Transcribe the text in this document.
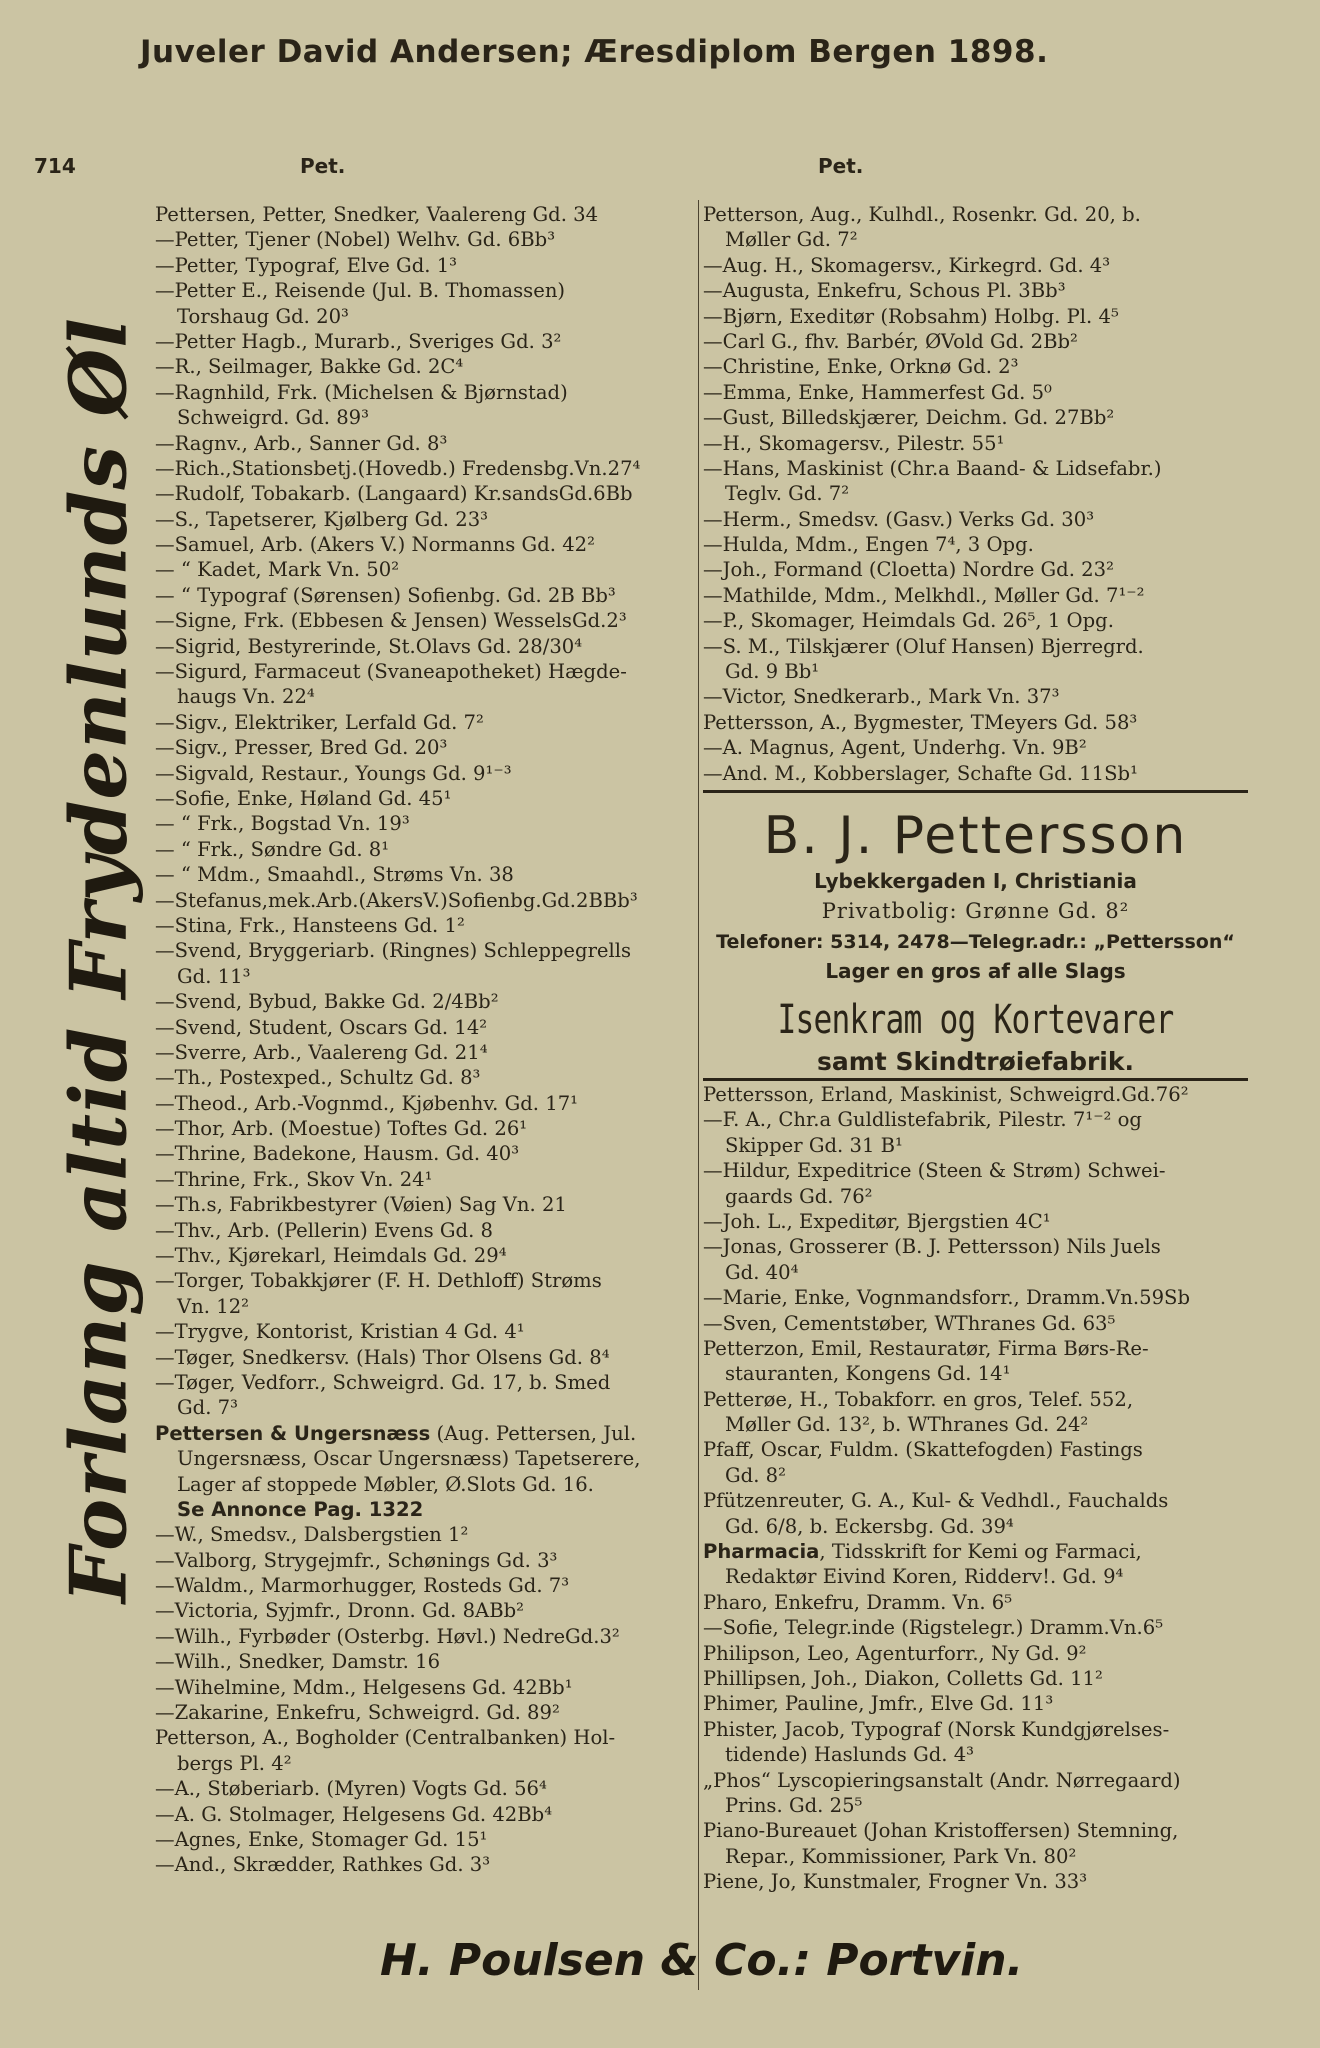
Juveler David Andersen; Æresdiplom Bergen 1898.
714	Pet.	Pet.
Forlang altid Frydenlunds Øl
Pettersen, Petter, Snedker, Vaalereng Gd. 34
—Petter, Tjener (Nobel) Welhv. Gd. 6Bb³
—Petter, Typograf, Elve Gd. 1³
—Petter E., Reisende (Jul. B. Thomassen)
Torshaug Gd. 20³
—Petter Hagb., Murarb., Sveriges Gd. 3²
—R., Seilmager, Bakke Gd. 2C⁴
—Ragnhild, Frk. (Michelsen & Bjørnstad)
Schweigrd. Gd. 89³
—Ragnv., Arb., Sanner Gd. 8³
—Rich.,Stationsbetj.(Hovedb.) Fredensbg.Vn.27⁴
—Rudolf, Tobakarb. (Langaard) Kr.sandsGd.6Bb
—S., Tapetserer, Kjølberg Gd. 23³
—Samuel, Arb. (Akers V.) Normanns Gd. 42²
— “ Kadet, Mark Vn. 50²
— “ Typograf (Sørensen) Sofienbg. Gd. 2B Bb³
—Signe, Frk. (Ebbesen & Jensen) WesselsGd.2³
—Sigrid, Bestyrerinde, St.Olavs Gd. 28/30⁴
—Sigurd, Farmaceut (Svaneapotheket) Hægde-
haugs Vn. 22⁴
—Sigv., Elektriker, Lerfald Gd. 7²
—Sigv., Presser, Bred Gd. 20³
—Sigvald, Restaur., Youngs Gd. 9¹⁻³
—Sofie, Enke, Høland Gd. 45¹
— “ Frk., Bogstad Vn. 19³
— “ Frk., Søndre Gd. 8¹
— “ Mdm., Smaahdl., Strøms Vn. 38
—Stefanus,mek.Arb.(AkersV.)Sofienbg.Gd.2BBb³
—Stina, Frk., Hansteens Gd. 1²
—Svend, Bryggeriarb. (Ringnes) Schleppegrells
Gd. 11³
—Svend, Bybud, Bakke Gd. 2/4Bb²
—Svend, Student, Oscars Gd. 14²
—Sverre, Arb., Vaalereng Gd. 21⁴
—Th., Postexped., Schultz Gd. 8³
—Theod., Arb.-Vognmd., Kjøbenhv. Gd. 17¹
—Thor, Arb. (Moestue) Toftes Gd. 26¹
—Thrine, Badekone, Hausm. Gd. 40³
—Thrine, Frk., Skov Vn. 24¹
—Th.s, Fabrikbestyrer (Vøien) Sag Vn. 21
—Thv., Arb. (Pellerin) Evens Gd. 8
—Thv., Kjørekarl, Heimdals Gd. 29⁴
—Torger, Tobakkjører (F. H. Dethloff) Strøms
Vn. 12²
—Trygve, Kontorist, Kristian 4 Gd. 4¹
—Tøger, Snedkersv. (Hals) Thor Olsens Gd. 8⁴
—Tøger, Vedforr., Schweigrd. Gd. 17, b. Smed
Gd. 7³
Pettersen & Ungersnæss (Aug. Pettersen, Jul.
Ungersnæss, Oscar Ungersnæss) Tapetserere,
Lager af stoppede Møbler, Ø.Slots Gd. 16.
Se Annonce Pag. 1322
—W., Smedsv., Dalsbergstien 1²
—Valborg, Strygejmfr., Schønings Gd. 3³
—Waldm., Marmorhugger, Rosteds Gd. 7³
—Victoria, Syjmfr., Dronn. Gd. 8ABb²
—Wilh., Fyrbøder (Osterbg. Høvl.) NedreGd.3²
—Wilh., Snedker, Damstr. 16
—Wihelmine, Mdm., Helgesens Gd. 42Bb¹
—Zakarine, Enkefru, Schweigrd. Gd. 89²
Petterson, A., Bogholder (Centralbanken) Hol-
bergs Pl. 4²
—A., Støberiarb. (Myren) Vogts Gd. 56⁴
—A. G. Stolmager, Helgesens Gd. 42Bb⁴
—Agnes, Enke, Stomager Gd. 15¹
—And., Skrædder, Rathkes Gd. 3³
Petterson, Aug., Kulhdl., Rosenkr. Gd. 20, b.
Møller Gd. 7²
—Aug. H., Skomagersv., Kirkegrd. Gd. 4³
—Augusta, Enkefru, Schous Pl. 3Bb³
—Bjørn, Exeditør (Robsahm) Holbg. Pl. 4⁵
—Carl G., fhv. Barbér, ØVold Gd. 2Bb²
—Christine, Enke, Orknø Gd. 2³
—Emma, Enke, Hammerfest Gd. 5⁰
—Gust, Billedskjærer, Deichm. Gd. 27Bb²
—H., Skomagersv., Pilestr. 55¹
—Hans, Maskinist (Chr.a Baand- & Lidsefabr.)
Teglv. Gd. 7²
—Herm., Smedsv. (Gasv.) Verks Gd. 30³
—Hulda, Mdm., Engen 7⁴, 3 Opg.
—Joh., Formand (Cloetta) Nordre Gd. 23²
—Mathilde, Mdm., Melkhdl., Møller Gd. 7¹⁻²
—P., Skomager, Heimdals Gd. 26⁵, 1 Opg.
—S. M., Tilskjærer (Oluf Hansen) Bjerregrd.
Gd. 9 Bb¹
—Victor, Snedkerarb., Mark Vn. 37³
Pettersson, A., Bygmester, TMeyers Gd. 58³
—A. Magnus, Agent, Underhg. Vn. 9B²
—And. M., Kobberslager, Schafte Gd. 11Sb¹
B. J. Pettersson
Lybekkergaden I, Christiania
Privatbolig: Grønne Gd. 8²
Telefoner: 5314, 2478—Telegr.adr.: „Pettersson“
Lager en gros af alle Slags
Isenkram og Kortevarer
samt Skindtrøiefabrik.
Pettersson, Erland, Maskinist, Schweigrd.Gd.76²
—F. A., Chr.a Guldlistefabrik, Pilestr. 7¹⁻² og
Skipper Gd. 31 B¹
—Hildur, Expeditrice (Steen & Strøm) Schwei-
gaards Gd. 76²
—Joh. L., Expeditør, Bjergstien 4C¹
—Jonas, Grosserer (B. J. Pettersson) Nils Juels
Gd. 40⁴
—Marie, Enke, Vognmandsforr., Dramm.Vn.59Sb
—Sven, Cementstøber, WThranes Gd. 63⁵
Petterzon, Emil, Restauratør, Firma Børs-Re-
stauranten, Kongens Gd. 14¹
Petterøe, H., Tobakforr. en gros, Telef. 552,
Møller Gd. 13², b. WThranes Gd. 24²
Pfaff, Oscar, Fuldm. (Skattefogden) Fastings
Gd. 8²
Pfützenreuter, G. A., Kul- & Vedhdl., Fauchalds
Gd. 6/8, b. Eckersbg. Gd. 39⁴
Pharmacia, Tidsskrift for Kemi og Farmaci,
Redaktør Eivind Koren, Ridderv!. Gd. 9⁴
Pharo, Enkefru, Dramm. Vn. 6⁵
—Sofie, Telegr.inde (Rigstelegr.) Dramm.Vn.6⁵
Philipson, Leo, Agenturforr., Ny Gd. 9²
Phillipsen, Joh., Diakon, Colletts Gd. 11²
Phimer, Pauline, Jmfr., Elve Gd. 11³
Phister, Jacob, Typograf (Norsk Kundgjørelses-
tidende) Haslunds Gd. 4³
„Phos“ Lyscopieringsanstalt (Andr. Nørregaard)
Prins. Gd. 25⁵
Piano-Bureauet (Johan Kristoffersen) Stemning,
Repar., Kommissioner, Park Vn. 80²
Piene, Jo, Kunstmaler, Frogner Vn. 33³
H. Poulsen & Co.: Portvin.
